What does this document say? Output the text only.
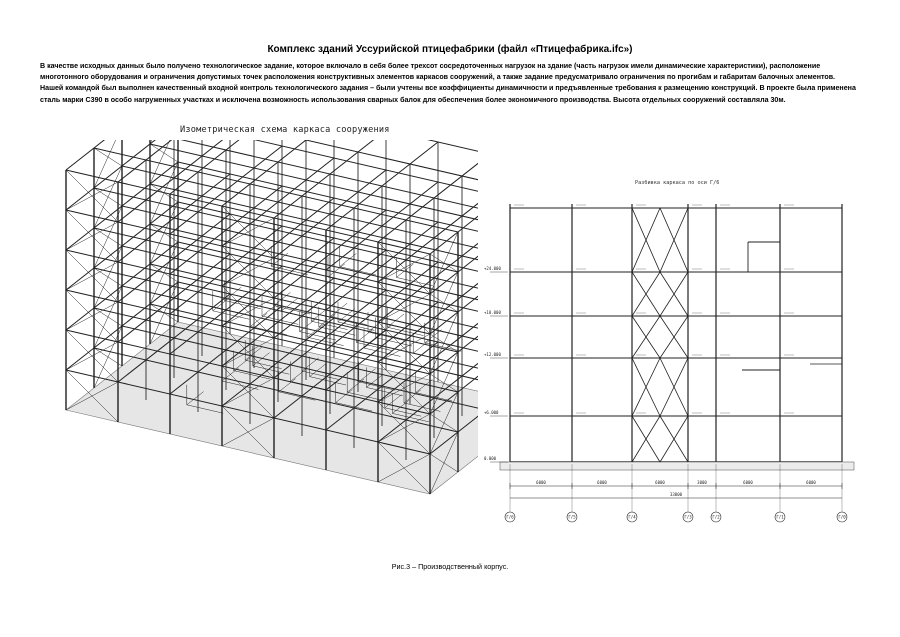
Комплекс зданий Уссурийской птицефабрики (файл «Птицефабрика.ifc»)

В качестве исходных данных было получено технологическое задание, которое включало в себя более трехсот сосредоточенных нагрузок на здание (часть нагрузок имели динамические характеристики), расположение многотонного оборудования и ограничения допустимых точек расположения конструктивных элементов каркасов сооружений, а также задание предусматривало ограничения по прогибам и габаритам балочных элементов. Нашей командой был выполнен качественный входной контроль технологического задания – были учтены все коэффициенты динамичности и предъявленные требования к размещению конструкций. В проекте была применена сталь марки С390 в особо нагруженных участках и исключена возможность использования сварных балок для обеспечения более экономичного производства. Высота отдельных сооружений составляла 30м.

Изометрическая схема каркаса сооружения
Разбивка каркаса по оси Г/6
Г/6	Г/5	Г/4	Г/3	Г/2	Г/1	Г/0
6000	6000	6000	3000	6000	6000
33000
+24.000
+18.000
+12.000
+6.000
0.000
Рис.3 – Производственный корпус.
